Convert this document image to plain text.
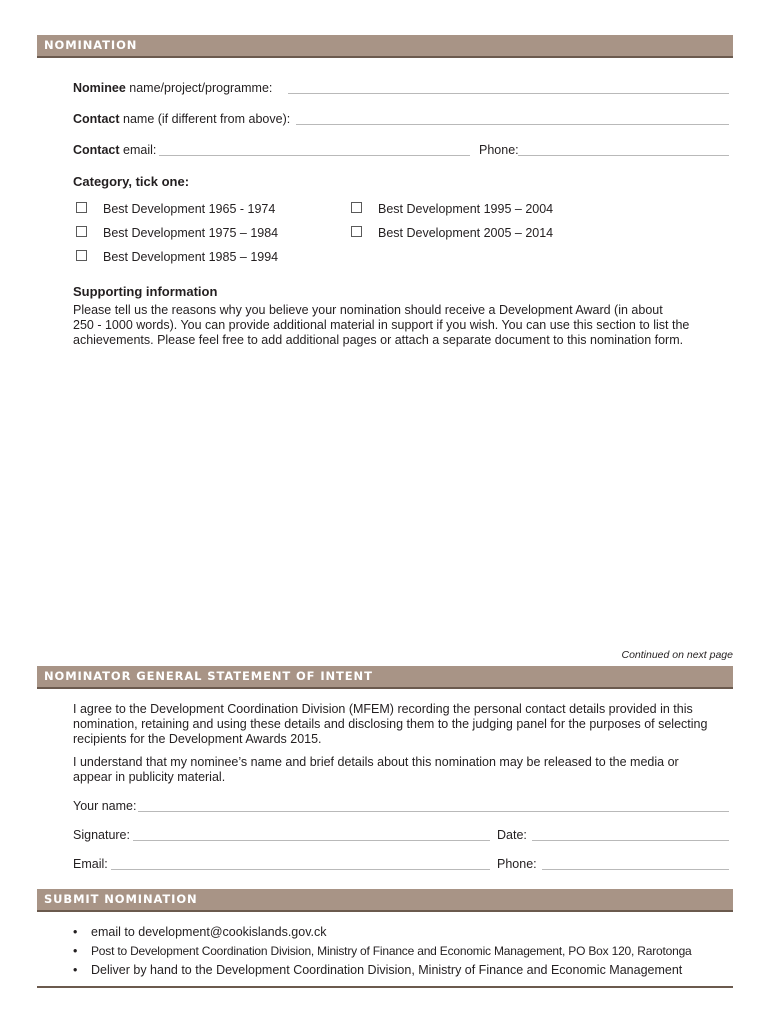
NOMINATION
Nominee name/project/programme:
Contact name (if different from above):
Contact email:	Phone:
Category, tick one:
Best Development 1965 - 1974
Best Development 1975 – 1984
Best Development 1985 – 1994
Best Development 1995 – 2004
Best Development 2005 – 2014
Supporting information
Please tell us the reasons why you believe your nomination should receive a Development Award (in about
250 - 1000 words). You can provide additional material in support if you wish. You can use this section to list the
achievements. Please feel free to add additional pages or attach a separate document to this nomination form.
Continued on next page
NOMINATOR GENERAL STATEMENT OF INTENT
I agree to the Development Coordination Division (MFEM) recording the personal contact details provided in this
nomination, retaining and using these details and disclosing them to the judging panel for the purposes of selecting
recipients for the Development Awards 2015.
I understand that my nominee’s name and brief details about this nomination may be released to the media or
appear in publicity material.
Your name:
Signature:	Date:
Email:	Phone:
SUBMIT NOMINATION
• email to development@cookislands.gov.ck
• Post to Development Coordination Division, Ministry of Finance and Economic Management, PO Box 120, Rarotonga
• Deliver by hand to the Development Coordination Division, Ministry of Finance and Economic Management
